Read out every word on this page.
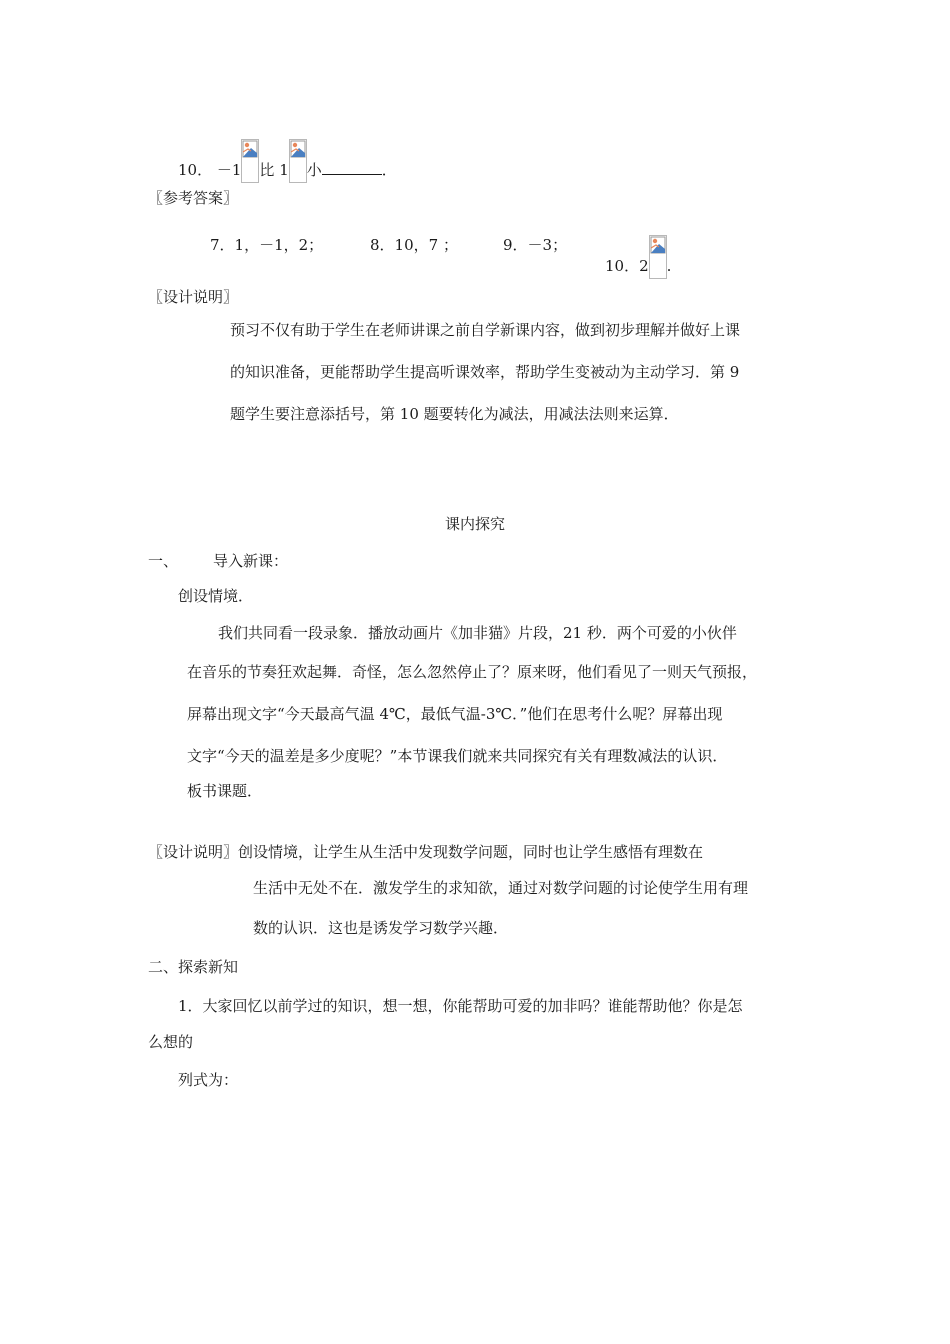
10． －1 比 1 小	．
〖参考答案〗
7．1，－1，2；	8．10，7 ；	9．－3；
10．2 .
〖设计说明〗
预习不仅有助于学生在老师讲课之前自学新课内容，做到初步理解并做好上课
的知识准备，更能帮助学生提高听课效率，帮助学生变被动为主动学习．第 9
题学生要注意添括号，第 10 题要转化为减法，用减法法则来运算．
课内探究
一、 导入新课：
创设情境．
我们共同看一段录象．播放动画片《加非猫》片段，21 秒．两个可爱的小伙伴
在音乐的节奏狂欢起舞．奇怪，怎么忽然停止了？原来呀，他们看见了一则天气预报，
屏幕出现文字“今天最高气温 4℃，最低气温-3℃．”他们在思考什么呢？屏幕出现
文字“今天的温差是多少度呢？”本节课我们就来共同探究有关有理数减法的认识．
板书课题．
〖设计说明〗创设情境，让学生从生活中发现数学问题，同时也让学生感悟有理数在
生活中无处不在．激发学生的求知欲，通过对数学问题的讨论使学生用有理
数的认识．这也是诱发学习数学兴趣．
二、探索新知
1．大家回忆以前学过的知识，想一想，你能帮助可爱的加非吗？谁能帮助他？你是怎
么想的
列式为：
